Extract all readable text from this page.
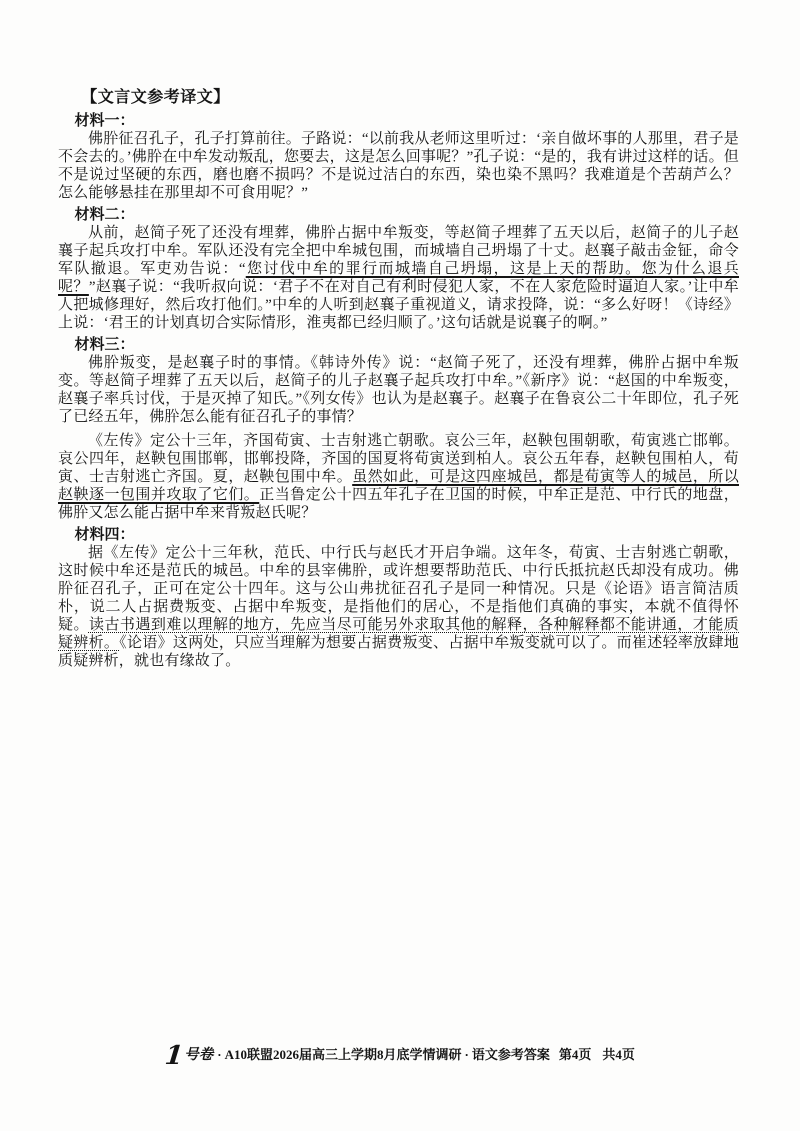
【文言文参考译文】
材料一：

佛肸征召孔子，孔子打算前往。子路说：“以前我从老师这里听过：‘亲自做坏事的人那里，君子是不会去的。’佛肸在中牟发动叛乱，您要去，这是怎么回事呢？”孔子说：“是的，我有讲过这样的话。但不是说过坚硬的东西，磨也磨不损吗？不是说过洁白的东西，染也染不黑吗？我难道是个苦葫芦么？怎么能够悬挂在那里却不可食用呢？”

材料二：

从前，赵简子死了还没有埋葬，佛肸占据中牟叛变，等赵简子埋葬了五天以后，赵简子的儿子赵襄子起兵攻打中牟。军队还没有完全把中牟城包围，而城墙自己坍塌了十丈。赵襄子敲击金钲，命令军队撤退。军吏劝告说：“您讨伐中牟的罪行而城墙自己坍塌，这是上天的帮助。您为什么退兵呢？”赵襄子说：“我听叔向说：‘君子不在对自己有利时侵犯人家，不在人家危险时逼迫人家。’让中牟人把城修理好，然后攻打他们。”中牟的人听到赵襄子重视道义，请求投降，说：“多么好呀！《诗经》上说：‘君王的计划真切合实际情形，淮夷都已经归顺了。’这句话就是说襄子的啊。”

材料三：

佛肸叛变，是赵襄子时的事情。《韩诗外传》说：“赵简子死了，还没有埋葬，佛肸占据中牟叛变。等赵简子埋葬了五天以后，赵简子的儿子赵襄子起兵攻打中牟。”《新序》说：“赵国的中牟叛变，赵襄子率兵讨伐，于是灭掉了知氏。”《列女传》也认为是赵襄子。赵襄子在鲁哀公二十年即位，孔子死了已经五年，佛肸怎么能有征召孔子的事情？

《左传》定公十三年，齐国荀寅、士吉射逃亡朝歌。哀公三年，赵鞅包围朝歌，荀寅逃亡邯郸。哀公四年，赵鞅包围邯郸，邯郸投降，齐国的国夏将荀寅送到柏人。哀公五年春，赵鞅包围柏人，荀寅、士吉射逃亡齐国。夏，赵鞅包围中牟。虽然如此，可是这四座城邑，都是荀寅等人的城邑，所以赵鞅逐一包围并攻取了它们。正当鲁定公十四五年孔子在卫国的时候，中牟正是范、中行氏的地盘，佛肸又怎么能占据中牟来背叛赵氏呢？

材料四：

据《左传》定公十三年秋，范氏、中行氏与赵氏才开启争端。这年冬，荀寅、士吉射逃亡朝歌，这时候中牟还是范氏的城邑。中牟的县宰佛肸，或许想要帮助范氏、中行氏抵抗赵氏却没有成功。佛肸征召孔子，正可在定公十四年。这与公山弗扰征召孔子是同一种情况。只是《论语》语言简洁质朴，说二人占据费叛变、占据中牟叛变，是指他们的居心，不是指他们真确的事实，本就不值得怀疑。读古书遇到难以理解的地方，先应当尽可能另外求取其他的解释，各种解释都不能讲通，才能质疑辨析。《论语》这两处，只应当理解为想要占据费叛变、占据中牟叛变就可以了。而崔述轻率放肆地质疑辨析，就也有缘故了。

1号卷 · A10联盟2026届高三上学期8月底学情调研 · 语文参考答案 第4页 共4页
